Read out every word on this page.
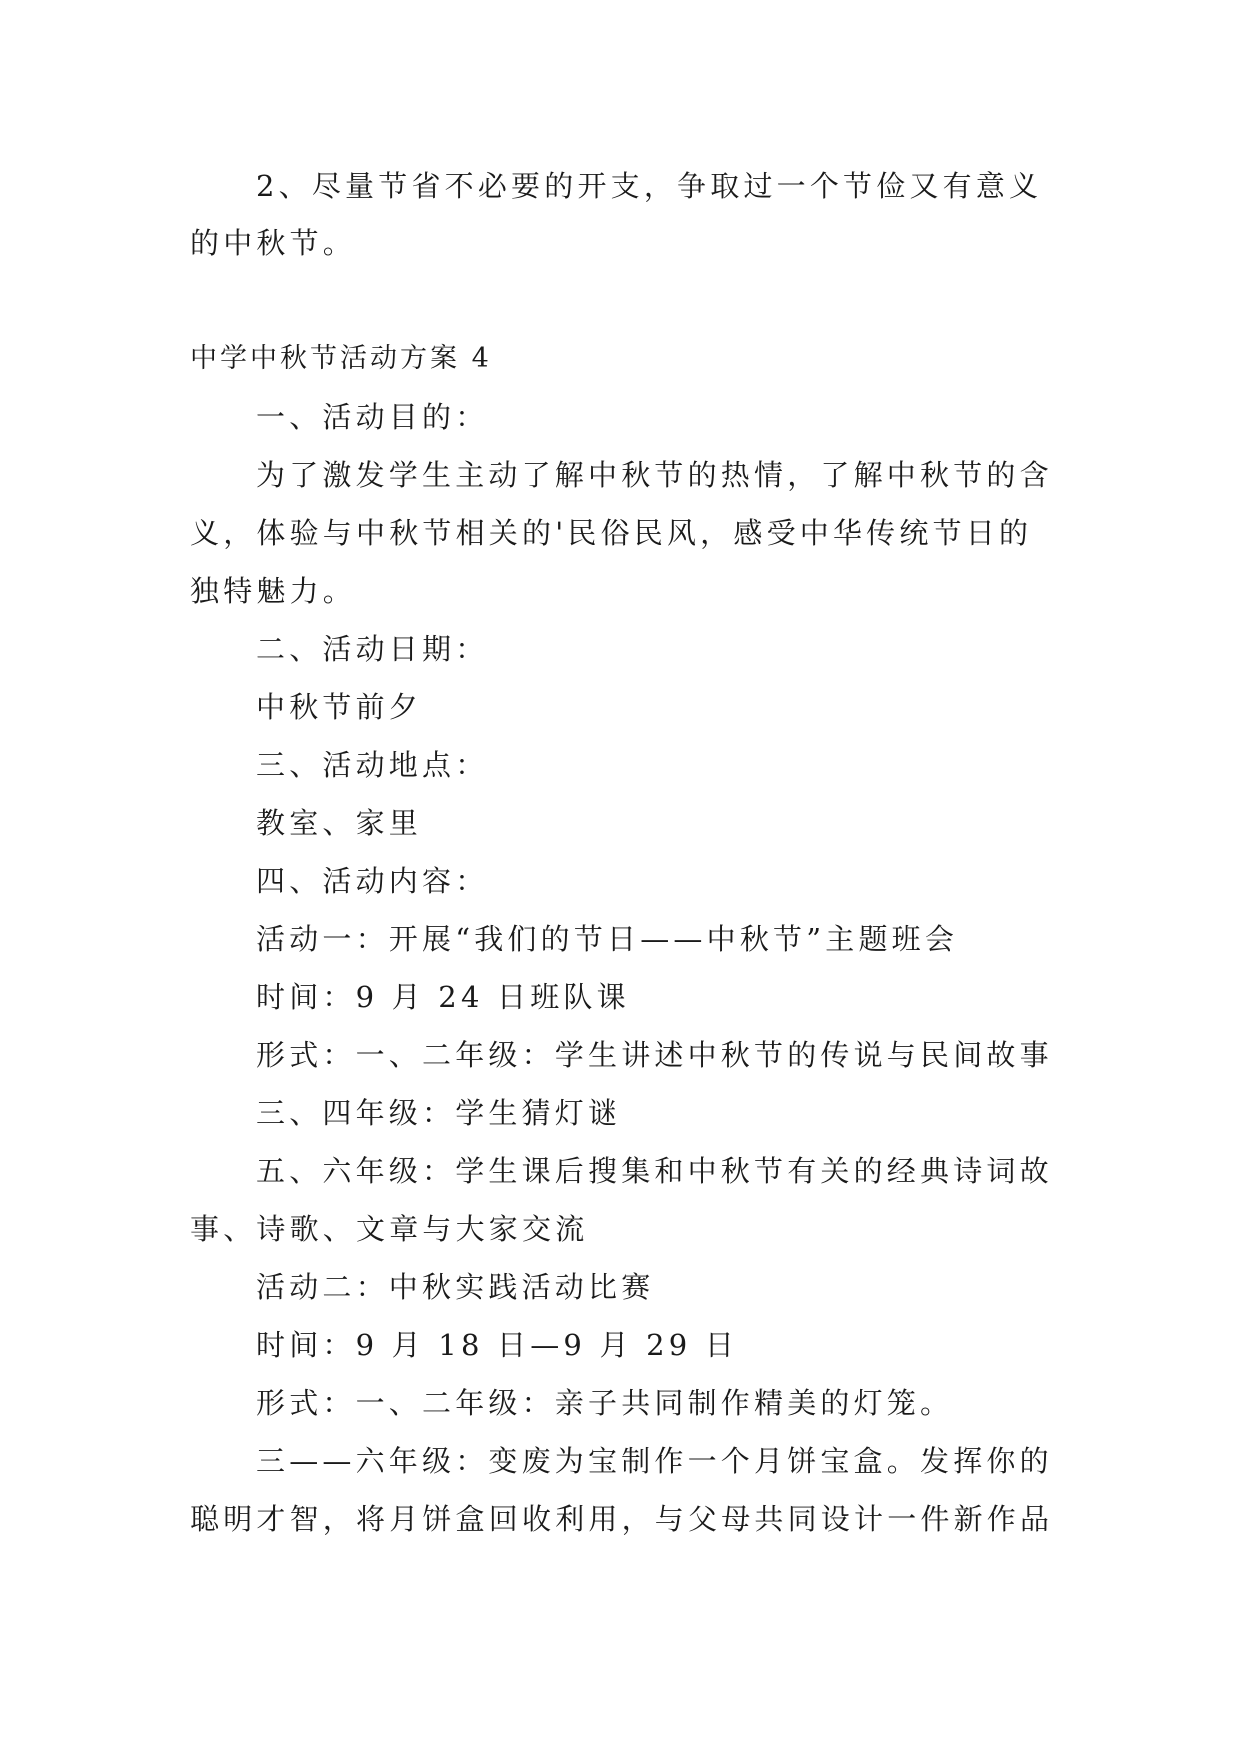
2、尽量节省不必要的开支，争取过一个节俭又有意义
的中秋节。
中学中秋节活动方案 4
一、活动目的：
为了激发学生主动了解中秋节的热情，了解中秋节的含
义，体验与中秋节相关的'民俗民风，感受中华传统节日的
独特魅力。
二、活动日期：
中秋节前夕
三、活动地点：
教室、家里
四、活动内容：
活动一：开展“我们的节日——中秋节”主题班会
时间：9 月 24 日班队课
形式：一、二年级：学生讲述中秋节的传说与民间故事
三、四年级：学生猜灯谜
五、六年级：学生课后搜集和中秋节有关的经典诗词故
事、诗歌、文章与大家交流
活动二：中秋实践活动比赛
时间：9 月 18 日—9 月 29 日
形式：一、二年级：亲子共同制作精美的灯笼。
三——六年级：变废为宝制作一个月饼宝盒。发挥你的
聪明才智，将月饼盒回收利用，与父母共同设计一件新作品
